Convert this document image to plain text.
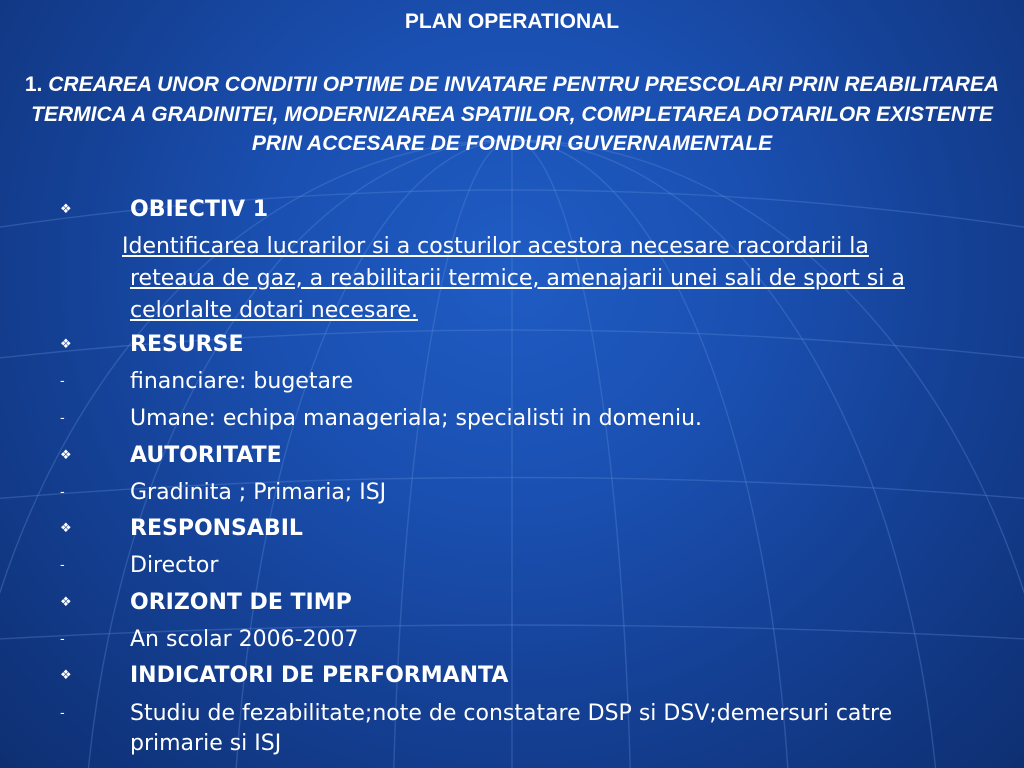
PLAN OPERATIONAL

1. CREAREA UNOR CONDITII OPTIME DE INVATARE PENTRU PRESCOLARI PRIN REABILITAREA TERMICA A GRADINITEI, MODERNIZAREA SPATIILOR, COMPLETAREA DOTARILOR EXISTENTE PRIN ACCESARE DE FONDURI GUVERNAMENTALE

❖	OBIECTIV 1
Identificarea lucrarilor si a costurilor acestora necesare racordarii la reteaua de gaz, a reabilitarii termice, amenajarii unei sali de sport si a celorlalte dotari necesare.
❖	RESURSE
-	financiare: bugetare
-	Umane: echipa manageriala; specialisti in domeniu.
❖	AUTORITATE
-	Gradinita ; Primaria; ISJ
❖	RESPONSABIL
-	Director
❖	ORIZONT DE TIMP
-	An scolar 2006-2007
❖	INDICATORI DE PERFORMANTA
-	Studiu de fezabilitate;note de constatare DSP si DSV;demersuri catre primarie si ISJ
